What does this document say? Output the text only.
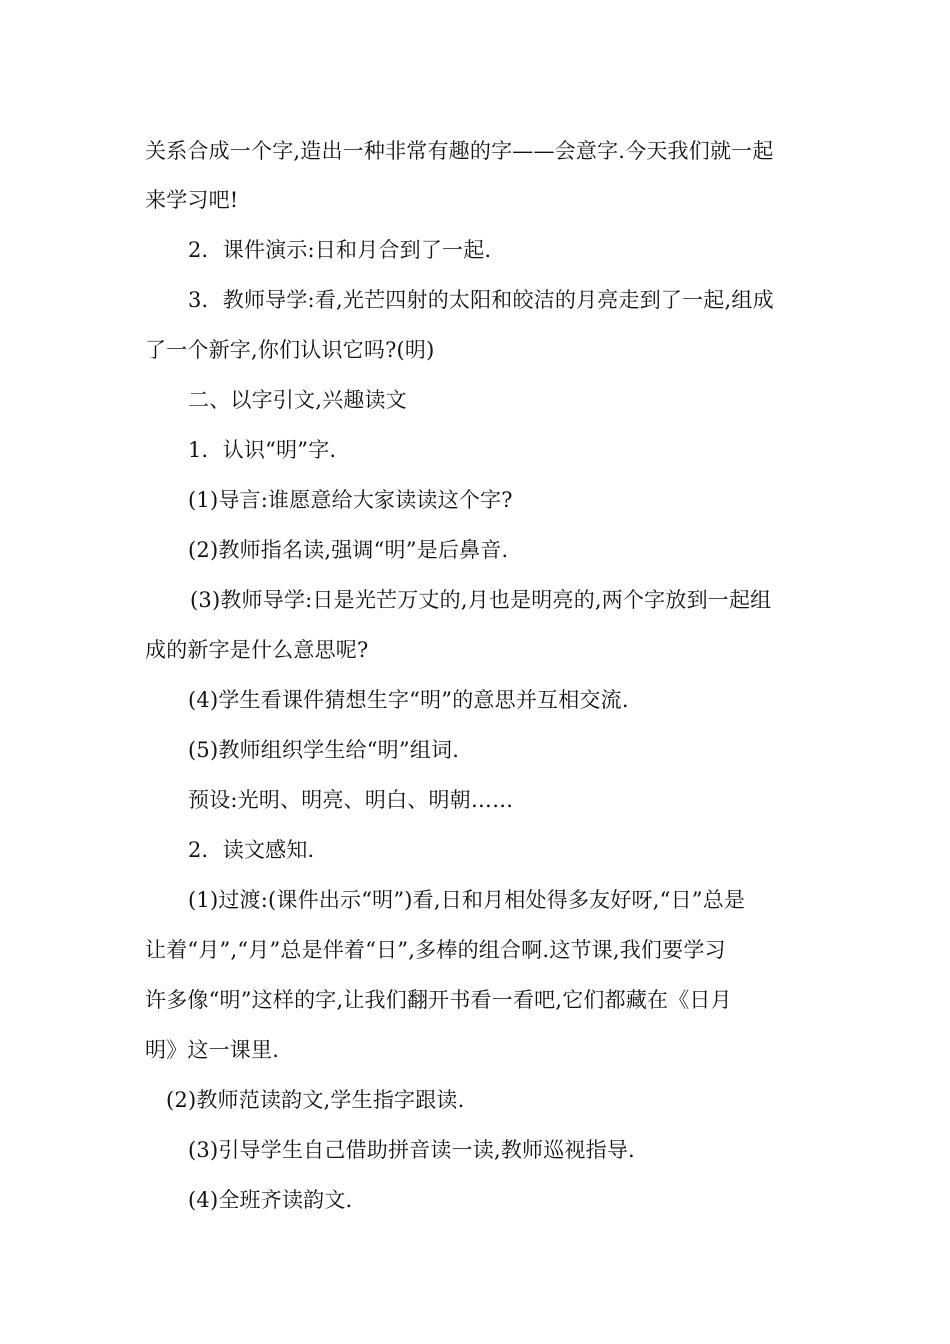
关系合成一个字,造出一种非常有趣的字——会意字.今天我们就一起
来学习吧!
2．课件演示:日和月合到了一起.
3．教师导学:看,光芒四射的太阳和皎洁的月亮走到了一起,组成
了一个新字,你们认识它吗?(明)
二、以字引文,兴趣读文
1．认识“明”字.
(1)导言:谁愿意给大家读读这个字?
(2)教师指名读,强调“明”是后鼻音.
(3)教师导学:日是光芒万丈的,月也是明亮的,两个字放到一起组
成的新字是什么意思呢?
(4)学生看课件猜想生字“明”的意思并互相交流.
(5)教师组织学生给“明”组词.
预设:光明、明亮、明白、明朝……
2．读文感知.
(1)过渡:(课件出示“明”)看,日和月相处得多友好呀,“日”总是
让着“月”,“月”总是伴着“日”,多棒的组合啊.这节课,我们要学习
许多像“明”这样的字,让我们翻开书看一看吧,它们都藏在《日月
明》这一课里.
(2)教师范读韵文,学生指字跟读.
(3)引导学生自己借助拼音读一读,教师巡视指导.
(4)全班齐读韵文.
